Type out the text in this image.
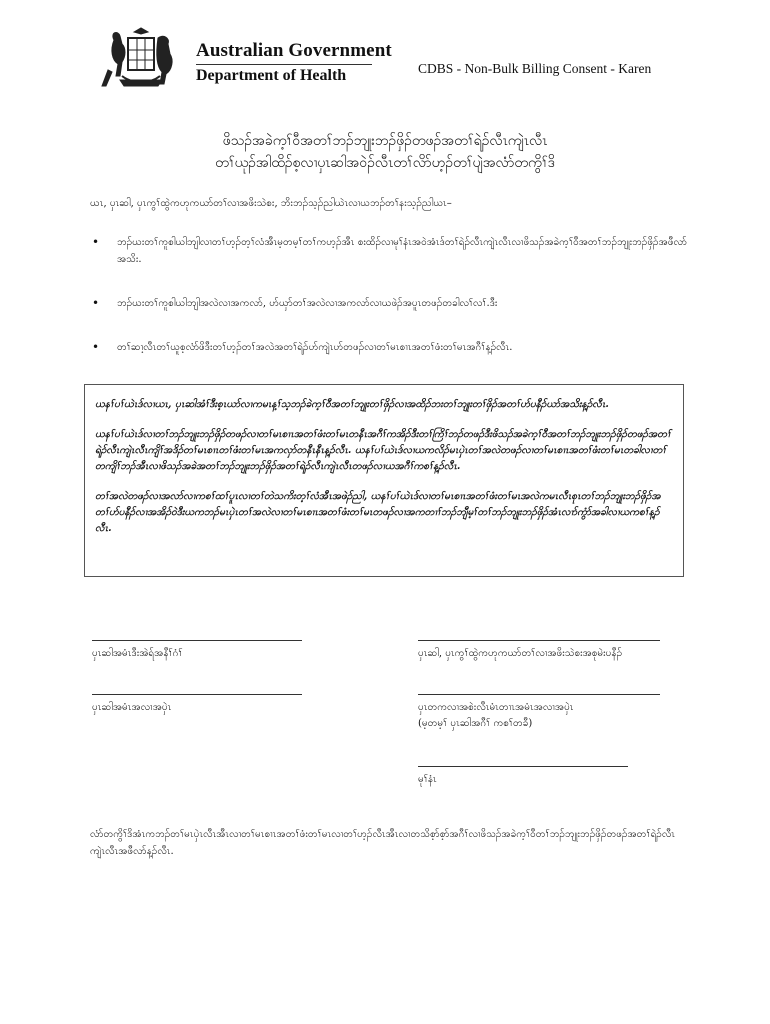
Australian Government
Department of Health	CDBS - Non-Bulk Billing Consent - Karen
ဖိသၣ်အခဲက့ၢ်ဝီအတၢ်ဘၣ်ဘျုးဘၣ်ဖှိၣ်တဖၣ်အတၢ်ရဲၣ်လီၤကျဲၤလီၤ
တၢ်ယုၣ်အါထိၣ်စ့လၢပှၤဆါအဝဲၣ်လီၤတၢ်လိာ်ဟ့ၣ်တၢ်ပျဲအလံာ်တကွိၢ်ဒိ
ယၤ, ပှၤဆါ, ပှၤကွၢ်ထွဲကဟုကယာ်တၢ်လၢအဖိးသဲစး, ဘိးဘၣ်သ့ၣ်ညါယဲၤလၢယဘၣ်တၢ်နးသ့ၣ်ညါယၤ–
• ဘၣ်ယးတၢ်ကူစါယါဘျါလၢတၢ်ဟ့ၣ်တ့ၢ်လံအီၤမ့တမ့ၢ်တၢ်ကဟ့ၣ်အီၤ စးထိၣ်လၢမုၢ်နံၤအဝဲအံၤဒ်တၢ်ရဲၣ်လီၤကျဲၤလီၤလၢဖိသၣ်အခဲက့ၢ်ဝီအတၢ်ဘၣ်ဘျုးဘၣ်ဖှိၣ်အဖီလာ်အသိး.
• ဘၣ်ယးတၢ်ကူစါယါဘျါအလဲလၢအကလာ်, ဟ်ယှာ်တၢ်အလဲလၢအကလာ်လၢယဖဲၣ်အပူၤတဖၣ်တခါလၢ်လၢ်.ဒီး
• တၢ်ဆၢ့လီၤတၢ်ယူစ့လံာ်ဖိဒီးတၢ်ဟ့ၣ်တၢ်အလဲအတၢ်ရဲၣ်ဟ်ကျဲၤဟ်တဖၣ်လၢတၢ်မၤစၢၤအတၢ်ဖံးတၢ်မၤအဂီၢ်န့ၣ်လီၤ.

ယနၢ်ပၢ်ယဲၤဒ်လၢယၤ, ပှၤဆါအံၢ်ဒီးစ့ၤယာ်လၢကမၤန့ၢ်သ့ဘၣ်ခဲက့ၢ်ဝီအတၢ်ဘျုးတၢ်ဖှိၣ်လၢအထိၣ်ဘးတၢ်ဘျုးတၢ်ဖှိၣ်အတၢ်ဟ်ပနီၣ်ယာ်အသိးန့ၣ်လီၤ.

ယနၢ်ပၢ်ယဲၤဒ်လၢတၢ်ဘၣ်ဘျုးဘၣ်ဖှိၣ်တဖၣ်လၢတၢ်မၤစၢၤအတၢ်ဖံးတၢ်မၤတနီၤအဂီၢ်ကအိၣ်ဒီးတၢ်ကြိၢ်ဘၣ်တဖၣ်ဒီးဖိသၣ်အခဲက့ၢ်ဝီအတၢ်ဘၣ်ဘျုးဘၣ်ဖှိၣ်တဖၣ်အတၢ်ရဲၣ်လီၤကျဲၤလီၤကျိၢ်အဒိၣ်တၢ်မၤစၢၤတၢ်ဖံးတၢ်မၤအကလှာ်တနီၤနီၤန့ၣ်လီၤ. ယနၢ်ပၢ်ယဲၤဒ်လၢယကလိၣ်မၤပှဲၤတၢ်အလဲတဖၣ်လၢတၢ်မၤစၢၤအတၢ်ဖံးတၢ်မၤတခါလၢတၢ်တကျိၢ်ဘၣ်အီၤလၢဖိသၣ်အခဲအတၢ်ဘၣ်ဘျုးဘၣ်ဖှိၣ်အတၢ်ရဲၣ်လီၤကျဲၤလီၤတဖၣ်လၢယအဂီၢ်ကစၢ်န့ၣ်လီၤ.

တၢ်အလဲတဖၣ်လၢအလာ်လၢကစၢ်ထၢ်ပူၤလၢတၢ်တဲသကိးတ့ၢ်လံအီၤအဖဲၣ်ညါ, ယနၢ်ပၢ်ယဲၤဒ်လၢတၢ်မၤစၢၤအတၢ်ဖံးတၢ်မၤအလဲကမၤလီၤစုၤတၢ်ဘၣ်ဘျုးဘၣ်ဖှိၣ်အတၢ်ဟ်ပနီၣ်လၢအအိၣ်ဝဲဒီးယကဘၣ်မၤပှဲၤတၢ်အလဲလၢတၢ်မၤစၢၤအတၢ်ဖံးတၢ်မၤတဖၣ်လၢအကတၢၢ်ဘၣ်ဘျီမ့ၢ်တၢ်ဘၣ်ဘျုးဘၣ်ဖှိၣ်အံၤလၢာ်ကွံာ်အခါလၢယကစၢ်န့ၣ်လီၤ.

ပှၤဆါအမံၤဒီးအဲရ်အနီၢ်ဂံၢ်	ပှၤဆါ, ပှၤကွၢ်ထွဲကဟုကယာ်တၢ်လၢအဖိးသဲစးအစုမဲးပနီၣ်
ပှၤဆါအမံၤအလၢအပှဲၤ	ပှၤတကလၢအစဲးလီၤမံၤတၢၤအမံၤအလၢအပှဲၤ
(မ့တမ့ၢ် ပှၤဆါအဂီၢ် ကစၢ်တခီ)
မုၢ်နံၤ
လံာ်တကွိၢ်ဒိအံၤကဘၣ်တၢ်မၤပှဲၤလီၤအီၤလၢတၢ်မၤစၢၤအတၢ်ဖံးတၢ်မၤလၢတၢ်ဟ့ၣ်လီၤအီၤလၢတသိစ့ာ်စ့ာ်အဂီၢ်လၢဖိသၣ်အခဲက့ၢ်ဝီတၢ်ဘၣ်ဘျုးဘၣ်ဖှိၣ်တဖၣ်အတၢ်ရဲၣ်လီၤကျဲၤလီၤအဖီလာ်န့ၣ်လီၤ.
